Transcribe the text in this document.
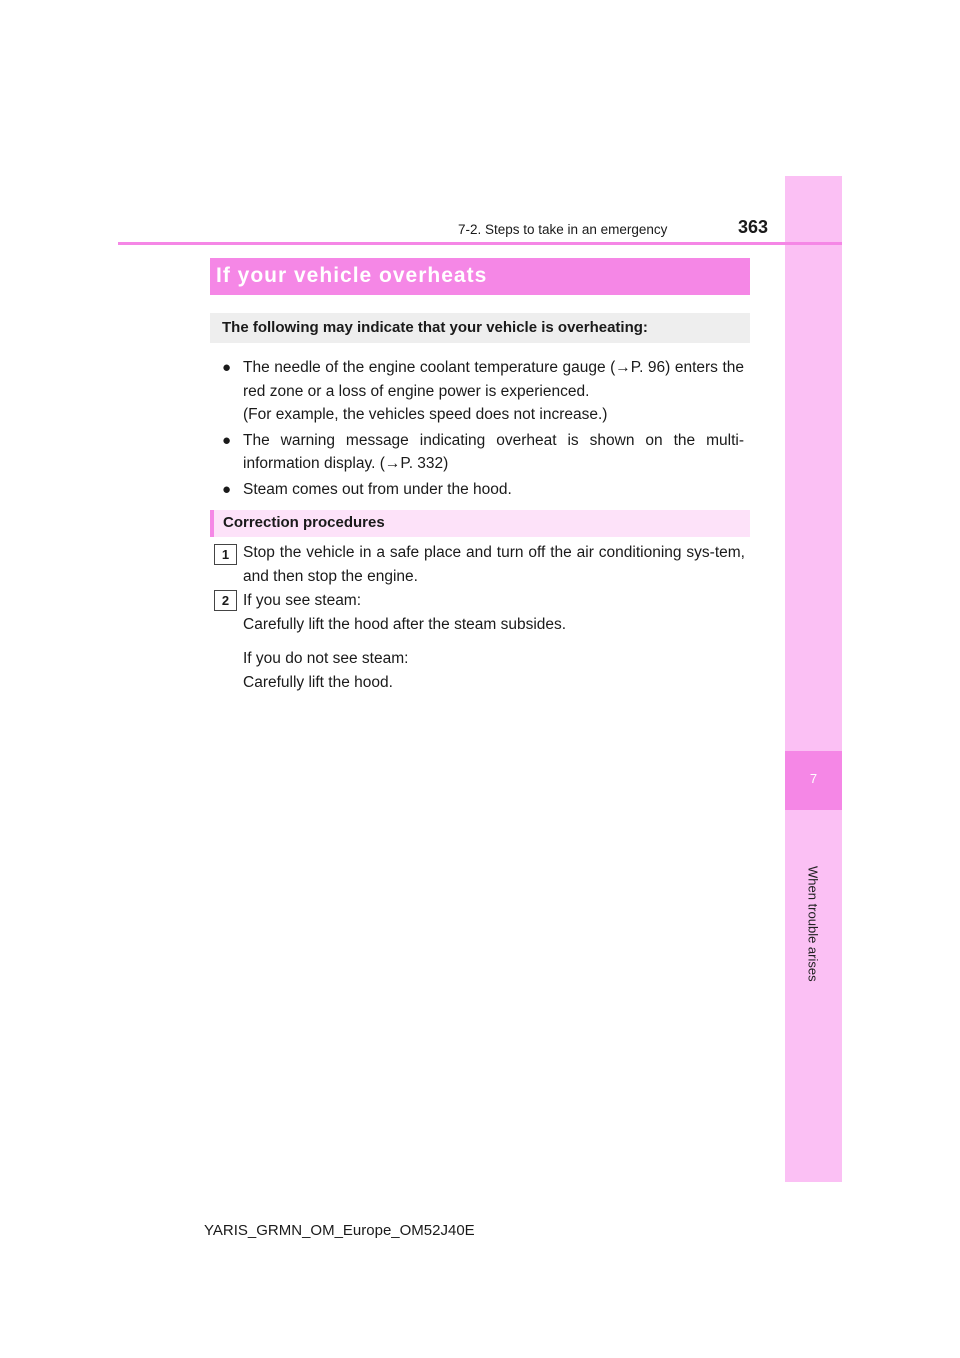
7
When trouble arises
7-2. Steps to take in an emergency	363
If your vehicle overheats
The following may indicate that your vehicle is overheating:
● The needle of the engine coolant temperature gauge (→P. 96) enters the red zone or a loss of engine power is experienced.
(For example, the vehicles speed does not increase.)
● The warning message indicating overheat is shown on the multi-information display. (→P. 332)
● Steam comes out from under the hood.
Correction procedures
1 Stop the vehicle in a safe place and turn off the air conditioning sys-tem, and then stop the engine.

2 If you see steam:

Carefully lift the hood after the steam subsides.

If you do not see steam:

Carefully lift the hood.

YARIS_GRMN_OM_Europe_OM52J40E
